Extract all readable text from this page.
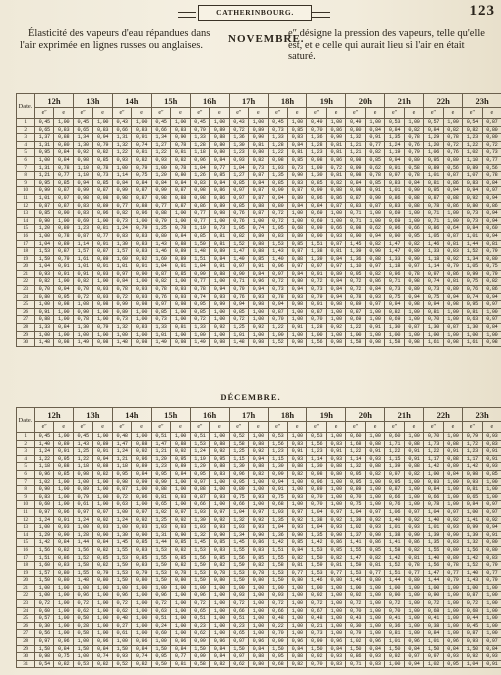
CATHERINBOURG.	123
Élasticité des vapeurs d'eau répandues dans l'air exprimée en lignes russes ou anglaises.	NOVEMBRE.
e″ désigne la pression des vapeurs, telle qu'elle est, et e celle qui aurait lieu si l'air en était saturé.
Date.	12h		13h		14h		15h		16h		17h		18h		19h		20h		21h		22h		23h	
	e″	e	e″	e	e″	e	e″	e	e″	e	e″	e	e″	e	e″	e	e″	e	e″	e	e″	e	e″	e
1	0,45	1,00	0,45	1,00	0,43	1,00	0,45	1,00	0,45	1,00	0,43	1,00	0,45	1,00	0,49	1,00	0,49	1,00	0,53	1,00	0,57	1,00	0,54	0,87
2	0,65	0,83	0,65	0,83	0,66	0,83	0,66	0,83	0,70	0,89	0,72	0,89	0,73	0,85	0,70	0,86	0,80	0,84	0,84	0,82	0,84	0,82	0,82	0,80
3	1,37	0,88	1,34	0,94	1,31	0,91	1,34	0,90	1,33	0,88	1,36	0,90	1,33	0,83	1,36	0,90	1,32	0,91	1,35	0,78	1,29	0,78	1,23	0,80
4	1,31	0,80	1,30	0,79	1,32	0,74	1,27	0,78	1,28	0,80	1,30	0,81	1,28	0,84	1,28	0,81	1,21	0,77	1,24	0,76	1,20	0,72	1,22	0,72
5	0,95	0,84	0,92	0,82	1,22	0,81	1,22	0,81	1,18	0,80	1,23	0,80	1,22	0,81	1,23	0,81	1,21	0,82	1,19	0,79	1,06	0,76	1,02	0,73
6	1,00	0,84	0,98	0,85	0,93	0,82	0,93	0,82	0,96	0,84	0,93	0,82	0,98	0,85	0,98	0,86	0,98	0,85	0,94	0,80	0,95	0,80	1,10	0,77
7	1,31	0,78	1,10	0,78	1,00	0,79	1,00	0,78	1,04	0,77	1,04	0,73	1,03	0,73	1,09	0,72	0,99	0,62	0,91	0,58	0,89	0,56	0,89	0,56
8	1,21	0,77	1,10	0,73	1,14	0,75	1,20	0,80	1,26	0,85	1,27	0,87	1,35	0,90	1,30	0,81	0,98	0,78	0,97	0,78	1,01	0,87	1,07	0,78
9	0,95	0,85	0,94	0,85	0,84	0,84	0,84	0,84	0,83	0,84	0,85	0,84	0,85	0,83	0,85	0,82	0,84	0,85	0,83	0,84	0,81	0,86	0,83	0,84
10	0,99	0,87	0,99	0,87	0,99	0,87	0,99	0,87	0,98	0,86	0,97	0,87	0,99	0,87	0,99	0,88	0,98	0,91	1,01	0,90	0,95	0,94	0,94	0,97
11	1,01	0,97	0,98	0,98	0,98	0,87	0,98	0,88	0,98	0,86	0,97	0,87	0,94	0,89	0,96	0,86	0,87	0,90	0,86	0,88	0,87	0,88	0,92	0,94
12	0,87	0,87	0,83	0,89	0,77	0,88	0,77	0,87	0,86	0,89	0,85	0,88	0,80	0,84	0,84	0,87	0,83	0,87	0,83	0,88	0,78	0,86	0,80	0,86
13	0,85	0,90	0,83	0,96	0,82	0,96	0,88	1,00	0,77	0,98	0,76	0,87	0,72	1,00	0,69	1,00	0,71	1,00	0,69	1,00	0,71	1,00	0,73	0,94
14	0,90	1,00	0,69	1,00	0,73	1,00	0,79	1,00	0,77	1,00	0,76	1,00	0,72	1,00	0,69	1,00	0,71	1,00	0,69	1,00	0,71	1,00	0,73	0,94
15	1,20	0,89	1,23	0,81	1,24	0,79	1,25	0,78	1,19	0,73	1,05	0,74	1,05	0,68	0,99	0,66	0,98	0,62	0,96	0,66	0,86	0,64	0,84	0,60
16	1,00	0,78	0,87	0,77	0,83	0,83	0,80	0,84	0,85	0,81	0,82	0,89	0,83	0,89	0,90	0,93	0,90	0,94	0,90	0,95	1,05	0,87	1,01	0,94
17	1,04	0,89	1,14	0,91	1,30	0,83	1,43	0,88	1,50	0,81	1,52	0,88	1,53	0,85	1,51	0,87	1,45	0,82	1,47	0,82	1,46	0,81	1,44	0,81
18	1,53	0,87	1,57	0,87	1,57	0,83	1,46	0,89	1,48	0,89	1,47	0,88	1,43	0,87	1,38	0,81	1,39	0,90	1,47	0,89	1,33	0,83	1,52	0,79
19	1,59	0,79	1,61	0,89	1,60	0,92	1,60	0,89	1,51	0,84	1,49	0,85	1,40	0,88	1,39	0,84	1,36	0,88	1,33	0,90	1,18	0,92	1,34	0,80
20	1,04	0,91	1,01	0,91	1,01	0,91	1,04	0,91	1,04	0,91	0,97	0,91	0,96	0,97	0,97	0,97	1,10	0,97	1,18	0,97	1,14	0,79	1,05	0,75
21	0,93	0,91	0,91	0,93	0,97	0,90	0,87	0,85	0,99	0,88	0,90	0,84	0,97	0,84	0,91	0,89	0,95	0,82	0,96	0,78	0,97	0,86	0,99	0,79
22	0,82	1,00	0,82	1,00	0,84	1,00	0,82	1,00	0,77	1,00	0,71	0,96	0,72	0,80	0,72	0,84	0,72	0,86	0,71	0,98	0,74	0,81	0,75	0,82
23	0,70	0,94	0,70	0,93	0,78	0,93	0,78	0,93	0,78	0,94	0,79	0,94	0,73	0,94	0,73	0,84	0,72	0,84	0,73	0,89	0,73	0,89	0,76	0,86
24	0,80	0,95	0,72	0,93	0,72	0,93	0,76	0,93	0,74	0,93	0,76	0,93	0,78	0,93	0,79	0,94	0,78	0,93	0,75	0,94	0,75	0,94	0,74	0,94
25	1,00	0,98	1,08	0,98	0,99	0,98	0,97	0,98	0,95	0,99	0,94	0,98	0,94	0,98	0,91	0,98	0,89	0,97	0,94	0,98	0,94	0,98	0,95	0,97
26	0,91	1,00	0,90	1,00	0,89	1,00	0,85	1,00	0,85	1,00	0,85	1,00	0,87	1,00	0,87	1,00	0,87	1,00	0,82	1,00	0,81	1,00	0,81	1,00
27	0,88	1,00	0,78	1,00	0,73	1,00	0,73	1,00	0,72	1,00	0,72	1,00	0,70	1,00	0,70	1,00	0,69	1,00	0,69	1,00	0,70	1,00	0,63	0,97
28	1,33	0,84	1,30	0,79	1,32	0,83	1,33	0,81	1,33	0,92	1,25	0,92	1,22	0,91	1,28	0,92	1,22	0,91	1,30	0,87	1,30	0,87	1,30	0,84
29	1,00	1,00	1,00	1,00	1,00	1,00	1,01	1,00	1,00	1,00	1,01	1,00	1,00	1,00	1,00	1,00	1,00	1,00	1,00	1,00	1,00	1,00	1,00	1,00
30	1,48	0,98	1,49	0,98	1,48	0,98	1,49	0,98	1,49	0,98	1,48	0,98	1,52	0,98	1,56	0,98	1,58	0,98	1,58	0,98	1,61	0,98	1,61	0,98
DÉCEMBRE.
Date.	12h		13h		14h		15h		16h		17h		18h		19h		20h		21h		22h		23h	
	e″	e	e″	e	e″	e	e″	e	e″	e	e″	e	e″	e	e″	e	e″	e	e″	e	e″	e	e″	e
1	0,45	1,00	0,45	1,00	0,48	1,00	0,51	1,00	0,51	1,00	0,52	1,00	0,53	1,00	0,53	1,00	0,60	1,00	0,60	1,00	0,70	1,00	0,79	0,93
2	1,40	0,89	1,43	0,89	1,47	0,88	1,47	0,88	1,53	0,88	1,58	0,88	1,56	0,83	1,56	0,83	1,68	0,88	1,71	0,88	1,73	0,88	1,72	0,83
3	1,24	0,91	1,25	0,91	1,24	0,92	1,21	0,92	1,24	0,92	1,25	0,92	1,23	0,91	1,23	0,91	1,22	0,91	1,22	0,91	1,22	0,91	1,23	0,91
4	1,22	0,95	1,22	0,94	1,21	0,96	1,20	0,95	1,19	0,95	1,15	0,94	1,15	0,93	1,14	0,93	1,14	0,93	1,15	0,91	1,17	0,88	1,17	0,91
5	1,18	0,88	1,18	0,88	1,18	0,89	1,23	0,89	1,29	0,88	1,30	0,88	1,30	0,88	1,30	0,88	1,32	0,88	1,39	0,88	1,42	0,89	1,42	0,93
6	0,96	0,85	0,98	0,82	0,95	0,84	0,95	0,84	0,95	0,83	0,96	0,82	0,99	0,82	0,98	0,80	0,95	0,82	0,97	0,82	1,00	0,84	0,98	0,85
7	1,02	1,00	1,00	1,00	0,98	0,99	0,99	1,00	0,97	1,00	0,95	1,00	0,94	1,00	0,96	1,00	0,95	1,00	0,95	1,00	0,93	1,00	0,93	1,00
8	0,90	1,00	0,89	1,00	0,87	1,00	0,88	1,00	0,88	1,00	0,89	1,00	0,91	1,00	0,89	1,00	0,89	1,00	0,87	1,00	0,84	1,00	0,81	1,00
9	0,83	1,00	0,79	1,00	0,72	0,96	0,81	0,93	0,87	0,93	0,75	0,93	0,75	0,93	0,70	1,00	0,70	1,00	0,66	1,00	0,66	1,00	0,65	1,00
10	0,60	1,00	0,61	1,00	0,63	1,00	0,65	1,00	0,66	1,00	0,66	1,00	0,68	1,00	0,70	1,00	0,75	1,00	0,76	1,00	0,78	1,00	0,84	0,97
11	0,97	0,96	0,97	0,97	1,00	0,97	1,02	0,97	1,03	0,97	1,04	0,97	1,03	0,97	1,04	0,97	1,04	0,97	1,06	0,97	1,04	0,97	1,00	0,97
12	1,24	0,91	1,24	0,92	1,24	0,92	1,25	0,92	1,30	0,92	1,32	0,92	1,35	0,92	1,38	0,92	1,39	0,92	1,40	0,92	1,40	0,92	1,41	0,92
13	1,00	0,93	1,00	0,93	1,00	0,93	1,03	0,93	1,03	0,93	1,03	0,93	1,04	0,93	1,04	0,93	1,02	0,93	1,01	0,93	1,01	0,93	0,99	0,94
14	1,29	0,90	1,28	0,90	1,30	0,90	1,31	0,90	1,32	0,90	1,34	0,90	1,36	0,90	1,35	0,90	1,37	0,90	1,38	0,90	1,39	0,90	1,39	0,91
15	1,42	0,84	1,44	0,84	1,45	0,85	1,44	0,85	1,45	0,85	1,45	0,86	1,42	0,85	1,42	0,86	1,41	0,86	1,41	0,86	1,35	0,83	1,32	0,80
16	1,56	0,82	1,56	0,82	1,55	0,83	1,53	0,82	1,53	0,83	1,55	0,83	1,51	0,84	1,53	0,85	1,55	0,85	1,58	0,82	1,55	0,80	1,56	0,80
17	1,51	0,86	1,52	0,85	1,53	0,85	1,55	0,85	1,56	0,85	1,56	0,85	1,55	0,82	1,50	0,82	1,47	0,82	1,42	0,81	1,40	0,80	1,42	0,83
18	1,60	0,83	1,58	0,82	1,59	0,83	1,59	0,82	1,59	0,82	1,59	0,82	1,58	0,81	1,59	0,81	1,59	0,81	1,52	0,78	1,56	0,78	1,52	0,79
19	1,57	0,80	1,55	0,79	1,53	0,79	1,53	0,78	1,53	0,78	1,53	0,78	1,53	0,77	1,53	0,77	1,53	0,77	1,51	0,77	1,47	0,77	1,40	0,77
20	1,50	0,80	1,48	0,80	1,50	0,80	1,50	0,80	1,50	0,80	1,50	0,80	1,50	0,80	1,46	0,80	1,46	0,80	1,44	0,80	1,44	0,79	1,43	0,79
21	1,00	1,00	1,00	1,00	1,00	1,00	1,00	1,00	1,00	1,00	1,00	1,00	1,00	1,00	1,00	1,00	1,00	1,00	1,00	1,00	1,00	1,00	1,00	1,00
22	1,00	1,00	0,96	1,00	0,96	1,00	0,96	1,00	0,96	1,00	0,93	1,00	0,93	1,00	0,92	1,00	0,92	1,00	0,90	1,00	0,90	1,00	0,87	1,00
23	0,72	1,00	0,72	1,00	0,72	1,00	0,72	1,00	0,72	1,00	0,72	1,00	0,72	1,00	0,72	1,00	0,72	1,00	0,72	1,00	0,72	1,00	0,72	1,00
24	0,60	1,00	0,62	1,00	0,62	1,00	0,63	1,00	0,65	1,00	0,66	1,00	0,66	1,00	0,67	1,00	0,70	1,00	0,70	1,00	0,68	1,00	0,68	1,00
25	0,57	1,00	0,50	1,00	0,48	1,00	0,51	1,00	0,51	1,00	0,51	1,00	0,48	1,00	0,48	1,00	0,43	1,00	0,41	1,00	0,41	1,00	0,44	1,00
26	0,30	1,00	0,28	1,00	0,27	1,00	0,24	1,00	0,23	1,00	0,23	1,00	0,22	1,00	0,21	1,00	0,30	1,00	0,36	1,00	0,38	1,00	0,45	1,00
27	0,56	1,00	0,58	1,00	0,61	1,00	0,60	1,00	0,62	1,00	0,65	1,00	0,70	1,00	0,73	1,00	0,79	1,00	0,81	1,00	0,84	1,00	0,87	1,00
28	0,97	0,96	1,00	0,96	1,00	0,96	1,00	0,96	0,99	0,96	0,97	0,96	0,99	0,96	0,99	0,96	1,02	0,96	1,01	0,96	1,01	0,96	0,93	0,97
29	1,50	0,84	1,50	0,84	1,50	0,84	1,50	0,84	1,50	0,84	1,50	0,84	1,50	0,84	1,50	0,84	1,50	0,84	1,50	0,84	1,50	0,84	1,50	0,84
30	0,98	0,75	1,00	0,74	0,93	0,74	0,95	0,77	0,99	0,84	0,97	0,88	0,95	0,88	0,92	0,93	0,86	0,93	0,92	0,97	0,97	0,93	0,92	0,93
31	0,54	0,82	0,53	0,82	0,52	0,82	0,50	0,81	0,58	0,82	0,62	0,80	0,68	0,82	0,70	0,83	0,71	0,83	1,00	0,94	1,02	0,95	1,04	0,91
